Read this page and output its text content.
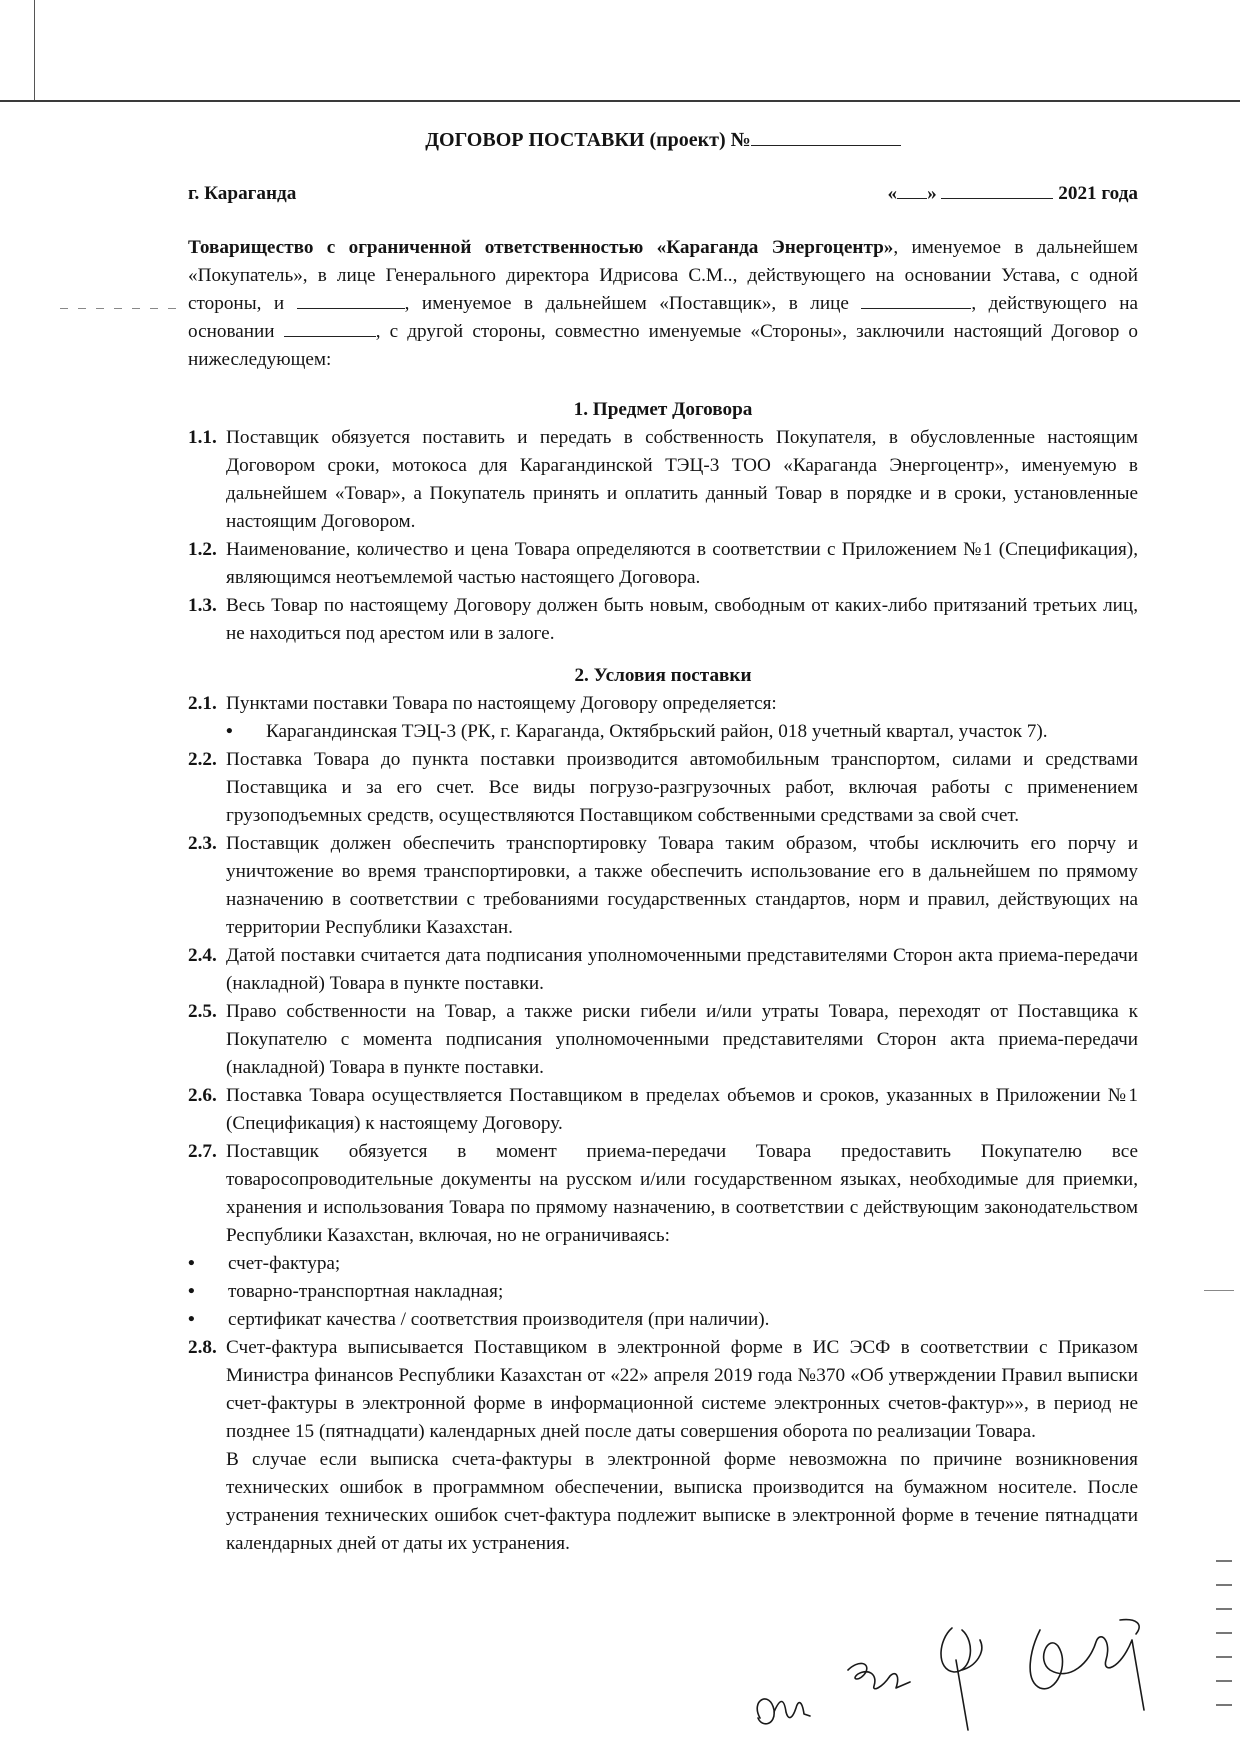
ДОГОВОР ПОСТАВКИ (проект) №
г. Караганда	« »	2021 года
Товарищество с ограниченной ответственностью «Караганда Энергоцентр», именуемое в дальнейшем «Покупатель», в лице Генерального директора Идрисова С.М.., действующего на основании Устава, с одной стороны, и	, именуемое в дальнейшем «Поставщик», в лице	, действующего на основании	, с другой стороны, совместно именуемые «Стороны», заключили настоящий Договор о нижеследующем:
1. Предмет Договора
1.1. Поставщик обязуется поставить и передать в собственность Покупателя, в обусловленные настоящим Договором сроки, мотокоса для Карагандинской ТЭЦ-3 ТОО «Караганда Энергоцентр», именуемую в дальнейшем «Товар», а Покупатель принять и оплатить данный Товар в порядке и в сроки, установленные настоящим Договором.
1.2. Наименование, количество и цена Товара определяются в соответствии с Приложением №1 (Спецификация), являющимся неотъемлемой частью настоящего Договора.
1.3. Весь Товар по настоящему Договору должен быть новым, свободным от каких-либо притязаний третьих лиц, не находиться под арестом или в залоге.
2. Условия поставки
2.1. Пунктами поставки Товара по настоящему Договору определяется:
•	Карагандинская ТЭЦ-3 (РК, г. Караганда, Октябрьский район, 018 учетный квартал, участок 7).
2.2. Поставка Товара до пункта поставки производится автомобильным транспортом, силами и средствами Поставщика и за его счет. Все виды погрузо-разгрузочных работ, включая работы с применением грузоподъемных средств, осуществляются Поставщиком собственными средствами за свой счет.
2.3. Поставщик должен обеспечить транспортировку Товара таким образом, чтобы исключить его порчу и уничтожение во время транспортировки, а также обеспечить использование его в дальнейшем по прямому назначению в соответствии с требованиями государственных стандартов, норм и правил, действующих на территории Республики Казахстан.
2.4. Датой поставки считается дата подписания уполномоченными представителями Сторон акта приема-передачи (накладной) Товара в пункте поставки.
2.5. Право собственности на Товар, а также риски гибели и/или утраты Товара, переходят от Поставщика к Покупателю с момента подписания уполномоченными представителями Сторон акта приема-передачи (накладной) Товара в пункте поставки.
2.6. Поставка Товара осуществляется Поставщиком в пределах объемов и сроков, указанных в Приложении №1 (Спецификация) к настоящему Договору.
2.7. Поставщик обязуется в момент приема-передачи Товара предоставить Покупателю все товаросопроводительные документы на русском и/или государственном языках, необходимые для приемки, хранения и использования Товара по прямому назначению, в соответствии с действующим законодательством Республики Казахстан, включая, но не ограничиваясь:
•	счет-фактура;
•	товарно-транспортная накладная;
•	сертификат качества / соответствия производителя (при наличии).
2.8. Счет-фактура выписывается Поставщиком в электронной форме в ИС ЭСФ в соответствии с Приказом Министра финансов Республики Казахстан от «22» апреля 2019 года №370 «Об утверждении Правил выписки счет-фактуры в электронной форме в информационной системе электронных счетов-фактур»», в период не позднее 15 (пятнадцати) календарных дней после даты совершения оборота по реализации Товара.
В случае если выписка счета-фактуры в электронной форме невозможна по причине возникновения технических ошибок в программном обеспечении, выписка производится на бумажном носителе. После устранения технических ошибок счет-фактура подлежит выписке в электронной форме в течение пятнадцати календарных дней от даты их устранения.
